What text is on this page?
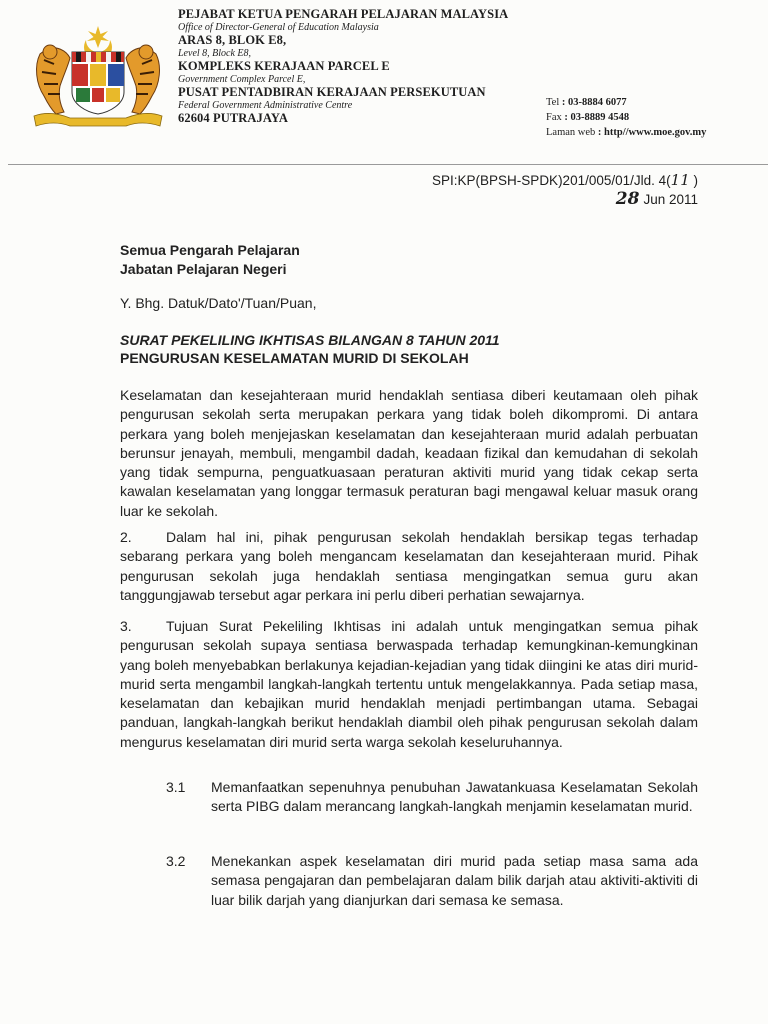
PEJABAT KETUA PENGARAH PELAJARAN MALAYSIA
Office of Director-General of Education Malaysia
ARAS 8, BLOK E8,
Level 8, Block E8,
KOMPLEKS KERAJAAN PARCEL E
Government Complex Parcel E,
PUSAT PENTADBIRAN KERAJAAN PERSEKUTUAN
Federal Government Administrative Centre
62604 PUTRAJAYA
Tel : 03-8884 6077
Fax : 03-8889 4548
Laman web : http//www.moe.gov.my
SPI:KP(BPSH-SPDK)201/005/01/Jld. 4(11 )
28 Jun 2011
Semua Pengarah Pelajaran
Jabatan Pelajaran Negeri
Y. Bhg. Datuk/Dato'/Tuan/Puan,
SURAT PEKELILING IKHTISAS BILANGAN 8 TAHUN 2011
PENGURUSAN KESELAMATAN MURID DI SEKOLAH
Keselamatan dan kesejahteraan murid hendaklah sentiasa diberi keutamaan oleh pihak pengurusan sekolah serta merupakan perkara yang tidak boleh dikompromi. Di antara perkara yang boleh menjejaskan keselamatan dan kesejahteraan murid adalah perbuatan berunsur jenayah, membuli, mengambil dadah, keadaan fizikal dan kemudahan di sekolah yang tidak sempurna, penguatkuasaan peraturan aktiviti murid yang tidak cekap serta kawalan keselamatan yang longgar termasuk peraturan bagi mengawal keluar masuk orang luar ke sekolah.
2. Dalam hal ini, pihak pengurusan sekolah hendaklah bersikap tegas terhadap sebarang perkara yang boleh mengancam keselamatan dan kesejahteraan murid. Pihak pengurusan sekolah juga hendaklah sentiasa mengingatkan semua guru akan tanggungjawab tersebut agar perkara ini perlu diberi perhatian sewajarnya.
3. Tujuan Surat Pekeliling Ikhtisas ini adalah untuk mengingatkan semua pihak pengurusan sekolah supaya sentiasa berwaspada terhadap kemungkinan-kemungkinan yang boleh menyebabkan berlakunya kejadian-kejadian yang tidak diingini ke atas diri murid-murid serta mengambil langkah-langkah tertentu untuk mengelakkannya. Pada setiap masa, keselamatan dan kebajikan murid hendaklah menjadi pertimbangan utama. Sebagai panduan, langkah-langkah berikut hendaklah diambil oleh pihak pengurusan sekolah dalam mengurus keselamatan diri murid serta warga sekolah keseluruhannya.
3.1 Memanfaatkan sepenuhnya penubuhan Jawatankuasa Keselamatan Sekolah serta PIBG dalam merancang langkah-langkah menjamin keselamatan murid.
3.2 Menekankan aspek keselamatan diri murid pada setiap masa sama ada semasa pengajaran dan pembelajaran dalam bilik darjah atau aktiviti-aktiviti di luar bilik darjah yang dianjurkan dari semasa ke semasa.
